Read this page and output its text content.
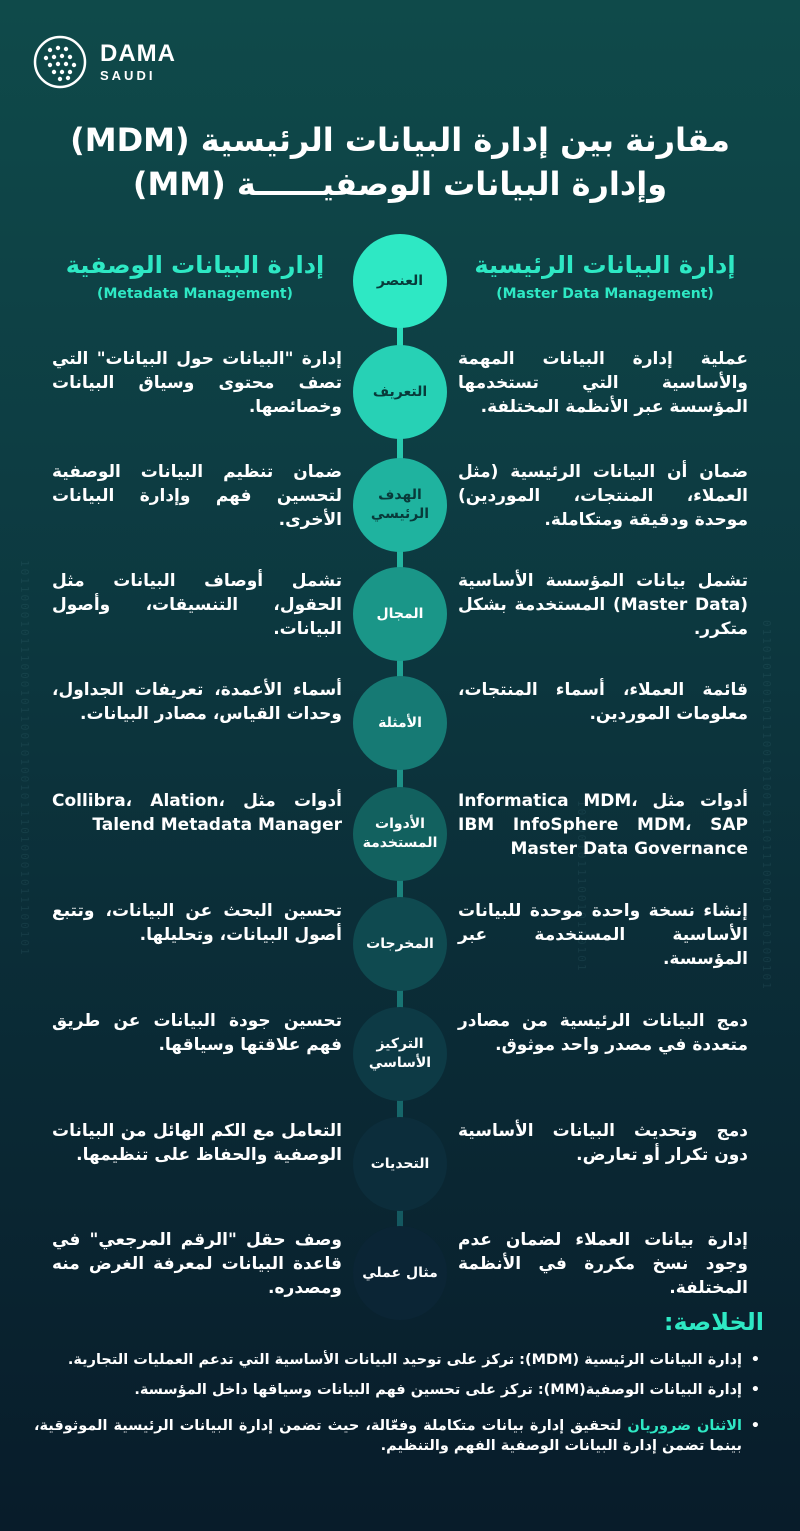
1011000101110001011001010010111010001011100101	0110101001011100101001011011100010110100101
10100101110010110101
DAMA
SAUDI
مقارنة بين إدارة البيانات الرئيسية (MDM)
وإدارة البيانات الوصفيــــــة (MM)
إدارة البيانات الرئيسية
(Master Data Management)
إدارة البيانات الوصفية
(Metadata Management)
العنصر
التعريف
عملية إدارة البيانات المهمة والأساسية التي تستخدمها المؤسسة عبر الأنظمة المختلفة.
إدارة "البيانات حول البيانات" التي تصف محتوى وسياق البيانات وخصائصها.
الهدف الرئيسي
ضمان أن البيانات الرئيسية (مثل العملاء، المنتجات، الموردين) موحدة ودقيقة ومتكاملة.
ضمان تنظيم البيانات الوصفية لتحسين فهم وإدارة البيانات الأخرى.
المجال
تشمل بيانات المؤسسة الأساسية (Master Data) المستخدمة بشكل متكرر.
تشمل أوصاف البيانات مثل الحقول، التنسيقات، وأصول البيانات.
الأمثلة
قائمة العملاء، أسماء المنتجات، معلومات الموردين.
أسماء الأعمدة، تعريفات الجداول، وحدات القياس، مصادر البيانات.
الأدوات المستخدمة
أدوات مثل Informatica MDM، IBM InfoSphere MDM، SAP Master Data Governance
أدوات مثل Collibra، Alation، Talend Metadata Manager
المخرجات
إنشاء نسخة واحدة موحدة للبيانات الأساسية المستخدمة عبر المؤسسة.
تحسين البحث عن البيانات، وتتبع أصول البيانات، وتحليلها.
التركيز الأساسي
دمج البيانات الرئيسية من مصادر متعددة في مصدر واحد موثوق.
تحسين جودة البيانات عن طريق فهم علاقتها وسياقها.
التحديات
دمج وتحديث البيانات الأساسية دون تكرار أو تعارض.
التعامل مع الكم الهائل من البيانات الوصفية والحفاظ على تنظيمها.
مثال عملي
إدارة بيانات العملاء لضمان عدم وجود نسخ مكررة في الأنظمة المختلفة.
وصف حقل "الرقم المرجعي" في قاعدة البيانات لمعرفة الغرض منه ومصدره.
الخلاصة:
•
إدارة البيانات الرئيسية (MDM): تركز على توحيد البيانات الأساسية التي تدعم العمليات التجارية.
•
إدارة البيانات الوصفية(MM): تركز على تحسين فهم البيانات وسياقها داخل المؤسسة.
•
الاثنان ضروريان لتحقيق إدارة بيانات متكاملة وفعّالة، حيث تضمن إدارة البيانات الرئيسية الموثوقية، بينما تضمن إدارة البيانات الوصفية الفهم والتنظيم.
